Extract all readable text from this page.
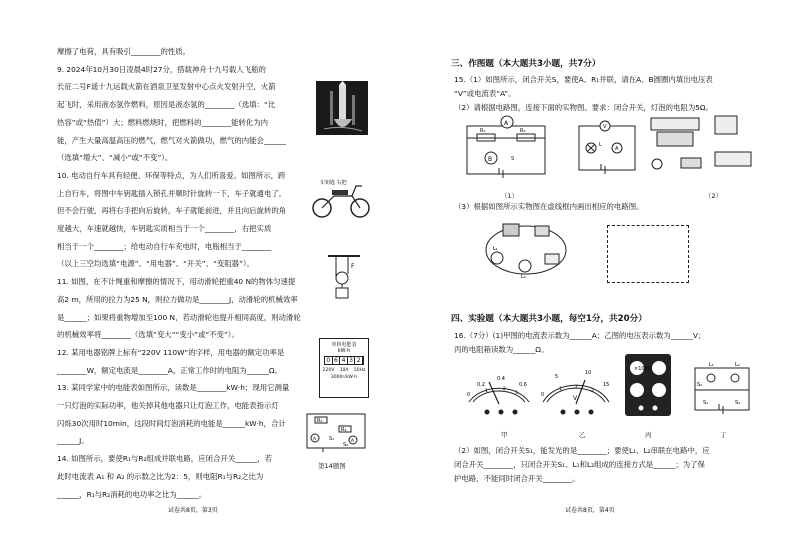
摩擦了电荷，具有吸引________的性质。
9. 2024年10月30日凌晨4时27分，搭载神舟十九号载人飞船的
长征二号F遥十九运载火箭在酒泉卫星发射中心点火发射升空，火箭
起飞时，采用液态氢作燃料，原因是液态氢的________（选填：“比
热容”或“热值”）大；燃料燃烧时，把燃料的________能转化为内
能，产生大量高温高压的燃气，燃气对火箭做功，燃气的内能会______
（选填“增大”、“减小”或“不变”）。
10. 电动自行车具有轻便、环保等特点，为人们所喜爱。如图所示，跨
上自行车，将图中车钥匙插入锁孔并顺时针旋转一下，车子就通电了，
但不会行驶，再将右手把向后旋转，车子就能前进，并且向后旋转的角
度越大，车速就越快，车钥匙实质相当于一个________，右把实质
相当于一个________；给电动自行车充电时，电瓶相当于________
（以上三空均选填“电源”、“用电器”、“开关”、“变阻器”）。
11. 如图，在不计绳重和摩擦的情况下，用动滑轮把重40 N的物体匀速提
高2 m，所用的拉力为25 N，则拉力做功是________J，动滑轮的机械效率
是______；如果将重物增加至100 N，若动滑轮也提升相同高度，则动滑轮
的机械效率将________（选填“变大”“变小”或“不变”）。
12. 某用电器铭牌上标有“220V 110W”的字样，用电器的额定功率是
________W，额定电流是________A，正常工作时的电阻为______Ω。
13. 某同学家中的电能表如图所示，读数是________kW·h；现用它测量
一只灯泡的实际功率，他关掉其他电器只让灯泡工作，电能表指示灯
闪烁30次用时10min，这段时间灯泡消耗的电能是______kW·h，合计
______J。
14. 如图所示，要使R₁与R₂组成并联电路，应闭合开关______，若
此时电流表 A₁ 和 A₂ 的示数之比为2：5，则电阻R₁与R₂之比为
______，R₁与R₂消耗的电功率之比为______。
车钥匙 右把
F
单相电能表
kW·h
0 6 4 3 2
220V 10A 50Hz
3000r/kW·h
R₁
R₂
A	A
S₁
S₂
第14题图
试卷共8页，第3页
三、作图题（本大题共3小题，共7分）
15.（1）如图所示，闭合开关S，要使A、R₁并联，请在A、B圆圈内填出电压表
“V”或电流表“A”。
（2）请根据电路图，连接下面的实物图。要求：闭合开关，灯泡的电阻为5Ω。
A
R₁	R₂
B	S
（1）
L
A
V
（2）
（3）根据如图所示实物图在虚线框内画出相应的电路图。
L₁
L₂
四、实验题（本大题共3小题，每空1分，共20分）
16.（7分）(1)甲图的电流表示数为______A；乙图的电压表示数为______V；
丙的电阻箱读数为______Ω。
0
0.2
0.4
0.6
1	2
3	0
5
10
15
1	2
3
V
×1000
L₁	L₂
S₂
S₁	S₃
甲	乙	丙	丁
（2）如图，闭合开关S₁，能发光的是________；要使L₁、L₂串联在电路中，应
闭合开关________，只闭合开关S₁、L₁和L₂组成的连接方式是______；为了保
护电路，不能同时闭合开关________。
试卷共8页，第4页
